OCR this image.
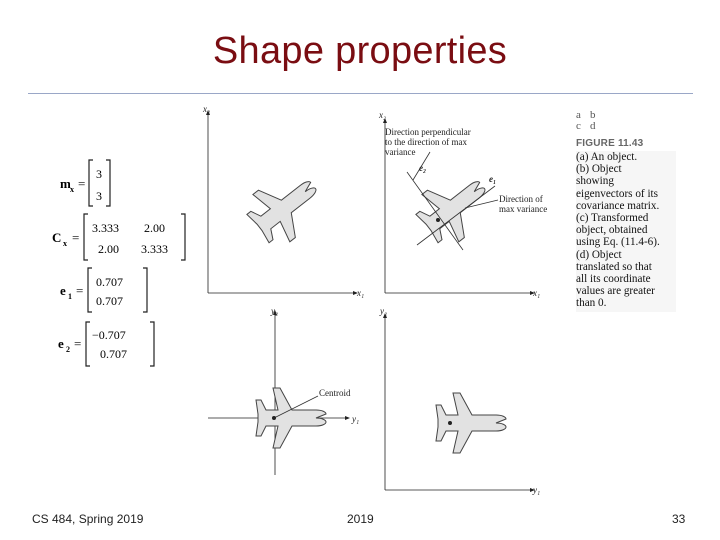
Shape properties
m x =
3
3
C x =
3.333 2.00
2.00 3.333
e 1 =
0.707
0.707
e 2 =
−0.707
0.707
x₂
x₁
x₂
x₁
y₂
y₁
y₂
y₁
e₂
e₁
Direction perpendicular
to the direction of max
variance
Direction of
max variance
Centroid
a b
c d
FIGURE 11.43
(a) An object.
(b) Object
showing
eigenvectors of its
covariance matrix.
(c) Transformed
object, obtained
using Eq. (11.4-6).
(d) Object
translated so that
all its coordinate
values are greater
than 0.
CS 484, Spring 2019	2019	33
